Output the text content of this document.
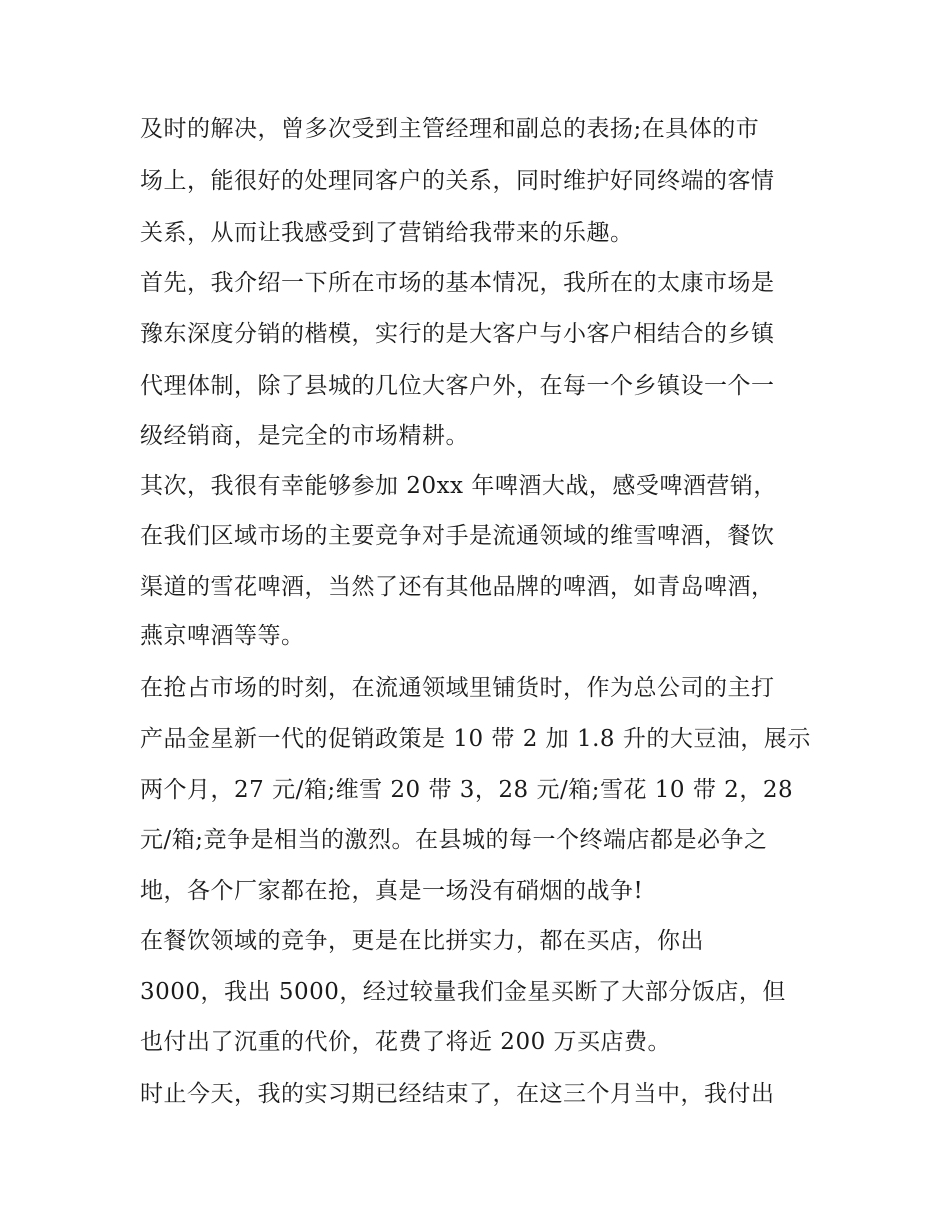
及时的解决，曾多次受到主管经理和副总的表扬;在具体的市
场上，能很好的处理同客户的关系，同时维护好同终端的客情
关系，从而让我感受到了营销给我带来的乐趣。
首先，我介绍一下所在市场的基本情况，我所在的太康市场是
豫东深度分销的楷模，实行的是大客户与小客户相结合的乡镇
代理体制，除了县城的几位大客户外，在每一个乡镇设一个一
级经销商，是完全的市场精耕。
其次，我很有幸能够参加 20xx 年啤酒大战，感受啤酒营销，
在我们区域市场的主要竞争对手是流通领域的维雪啤酒，餐饮
渠道的雪花啤酒，当然了还有其他品牌的啤酒，如青岛啤酒，
燕京啤酒等等。
在抢占市场的时刻，在流通领域里铺货时，作为总公司的主打
产品金星新一代的促销政策是 10 带 2 加 1.8 升的大豆油，展示
两个月，27 元/箱;维雪 20 带 3，28 元/箱;雪花 10 带 2，28
元/箱;竞争是相当的激烈。在县城的每一个终端店都是必争之
地，各个厂家都在抢，真是一场没有硝烟的战争!
在餐饮领域的竞争，更是在比拼实力，都在买店，你出
3000，我出 5000，经过较量我们金星买断了大部分饭店，但
也付出了沉重的代价，花费了将近 200 万买店费。
时止今天，我的实习期已经结束了，在这三个月当中，我付出
